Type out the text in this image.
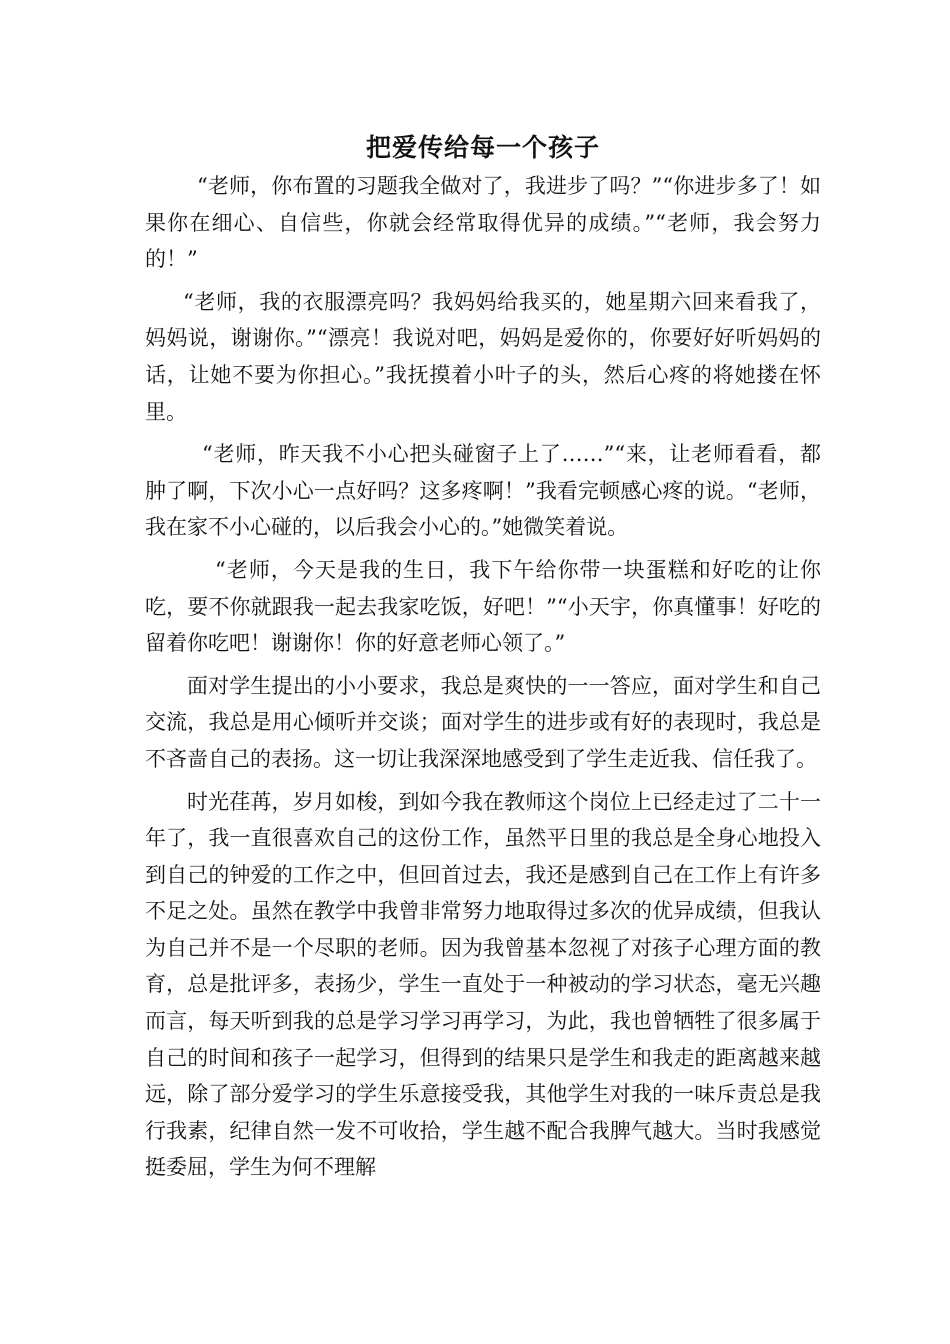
把爱传给每一个孩子

“老师，你布置的习题我全做对了，我进步了吗？”“你进步多了！如果你在细心、自信些，你就会经常取得优异的成绩。”“老师，我会努力的！”

“老师，我的衣服漂亮吗？我妈妈给我买的，她星期六回来看我了，妈妈说，谢谢你。”“漂亮！我说对吧，妈妈是爱你的，你要好好听妈妈的话，让她不要为你担心。”我抚摸着小叶子的头，然后心疼的将她搂在怀里。

“老师，昨天我不小心把头碰窗子上了……”“来，让老师看看，都肿了啊，下次小心一点好吗？这多疼啊！”我看完顿感心疼的说。“老师，我在家不小心碰的，以后我会小心的。”她微笑着说。

“老师，今天是我的生日，我下午给你带一块蛋糕和好吃的让你吃，要不你就跟我一起去我家吃饭，好吧！”“小天宇，你真懂事！好吃的留着你吃吧！谢谢你！你的好意老师心领了。”

面对学生提出的小小要求，我总是爽快的一一答应，面对学生和自己交流，我总是用心倾听并交谈；面对学生的进步或有好的表现时，我总是不吝啬自己的表扬。这一切让我深深地感受到了学生走近我、信任我了。

时光荏苒，岁月如梭，到如今我在教师这个岗位上已经走过了二十一年了，我一直很喜欢自己的这份工作，虽然平日里的我总是全身心地投入到自己的钟爱的工作之中，但回首过去，我还是感到自己在工作上有许多不足之处。虽然在教学中我曾非常努力地取得过多次的优异成绩，但我认为自己并不是一个尽职的老师。因为我曾基本忽视了对孩子心理方面的教育，总是批评多，表扬少，学生一直处于一种被动的学习状态，毫无兴趣而言，每天听到我的总是学习学习再学习，为此，我也曾牺牲了很多属于自己的时间和孩子一起学习，但得到的结果只是学生和我走的距离越来越远，除了部分爱学习的学生乐意接受我，其他学生对我的一味斥责总是我行我素，纪律自然一发不可收拾，学生越不配合我脾气越大。当时我感觉挺委屈，学生为何不理解
